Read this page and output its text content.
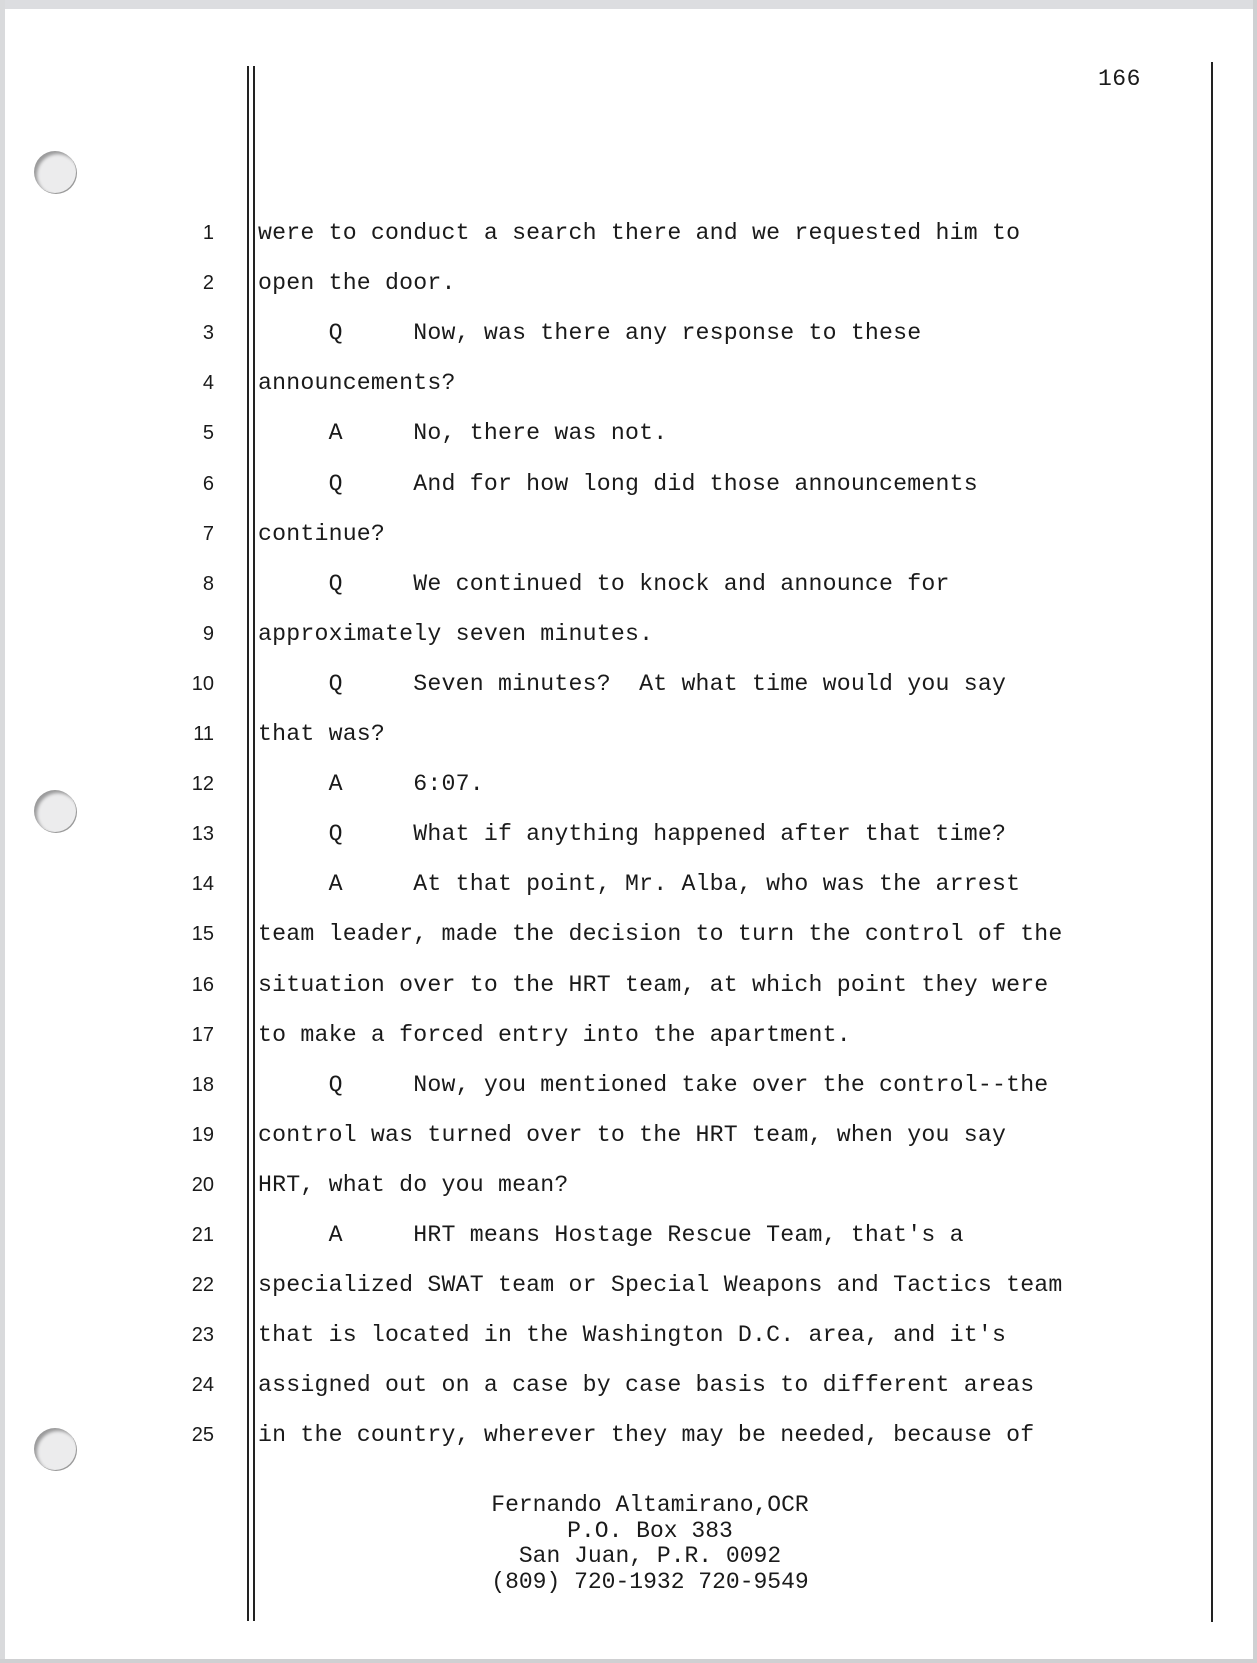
166
1 were to conduct a search there and we requested him to
2 open the door.
3 Q     Now, was there any response to these
4 announcements?
5 A     No, there was not.
6 Q     And for how long did those announcements
7 continue?
8 Q     We continued to knock and announce for
9 approximately seven minutes.
10 Q     Seven minutes?  At what time would you say
11 that was?
12 A     6:07.
13 Q     What if anything happened after that time?
14 A     At that point, Mr. Alba, who was the arrest
15 team leader, made the decision to turn the control of the
16 situation over to the HRT team, at which point they were
17 to make a forced entry into the apartment.
18 Q     Now, you mentioned take over the control--the
19 control was turned over to the HRT team, when you say
20 HRT, what do you mean?
21 A     HRT means Hostage Rescue Team, that's a
22 specialized SWAT team or Special Weapons and Tactics team
23 that is located in the Washington D.C. area, and it's
24 assigned out on a case by case basis to different areas
25 in the country, wherever they may be needed, because of
Fernando Altamirano,OCR
P.O. Box 383
San Juan, P.R. 0092
(809) 720-1932 720-9549
